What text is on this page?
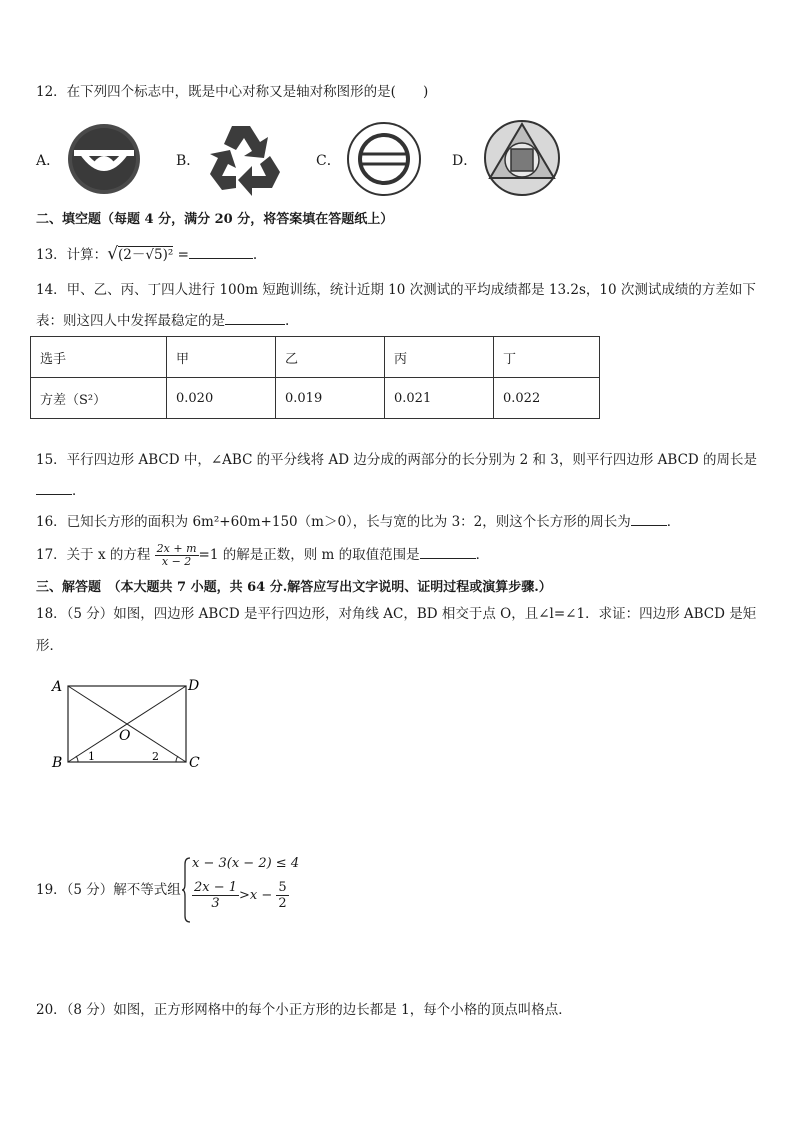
12．在下列四个标志中，既是中心对称又是轴对称图形的是(　　)
A．	B．	C．	D．
二、填空题（每题 4 分，满分 20 分，将答案填在答题纸上）
13．计算：√(2－√5)² =	.
14．甲、乙、丙、丁四人进行 100m 短跑训练，统计近期 10 次测试的平均成绩都是 13.2s，10 次测试成绩的方差如下
表：则这四人中发挥最稳定的是	.
选手	甲	乙	丙	丁
方差（S²）	0.020	0.019	0.021	0.022
15．平行四边形 ABCD 中，∠ABC 的平分线将 AD 边分成的两部分的长分别为 2 和 3，则平行四边形 ABCD 的周长是
．
16．已知长方形的面积为 6m²+60m+150（m＞0），长与宽的比为 3：2，则这个长方形的周长为	．
17．关于 x 的方程 $\frac{2x + m}{x - 2} =1$ 的解是正数，则 m 的取值范围是	．
三、解答题　（本大题共 7 小题，共 64 分.解答应写出文字说明、证明过程或演算步骤.）
18．（5 分）如图，四边形 ABCD 是平行四边形，对角线 AC，BD 相交于点 O，且∠l=∠1．求证：四边形 ABCD 是矩
形．
A	D
B	C
O
1	2
19．（5 分）解不等式组
x − 3(x − 2) ≤ 4
$\frac{2x - 1}{3} >x - \frac{5}{2}$
20．（8 分）如图，正方形网格中的每个小正方形的边长都是 1，每个小格的顶点叫格点．
